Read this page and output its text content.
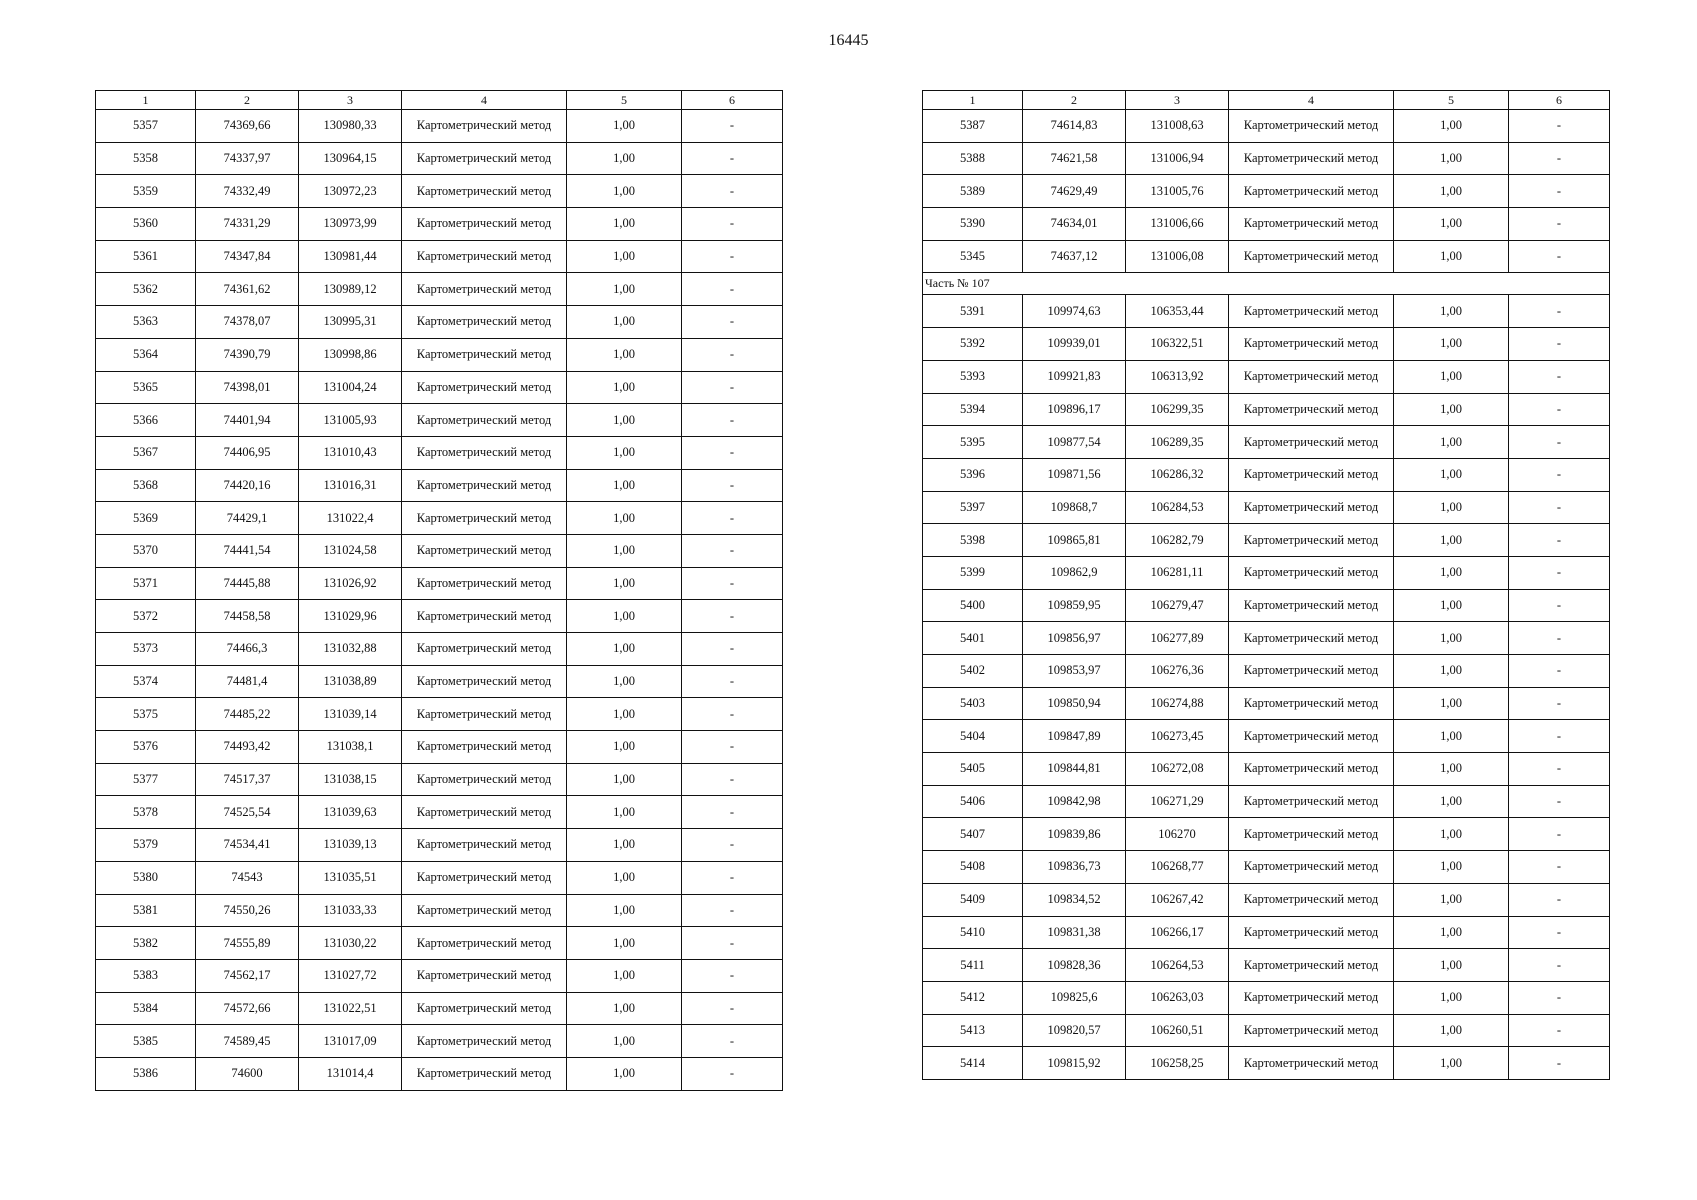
16445
1	2	3	4	5	6
5357	74369,66	130980,33	Картометрический метод	1,00	-
5358	74337,97	130964,15	Картометрический метод	1,00	-
5359	74332,49	130972,23	Картометрический метод	1,00	-
5360	74331,29	130973,99	Картометрический метод	1,00	-
5361	74347,84	130981,44	Картометрический метод	1,00	-
5362	74361,62	130989,12	Картометрический метод	1,00	-
5363	74378,07	130995,31	Картометрический метод	1,00	-
5364	74390,79	130998,86	Картометрический метод	1,00	-
5365	74398,01	131004,24	Картометрический метод	1,00	-
5366	74401,94	131005,93	Картометрический метод	1,00	-
5367	74406,95	131010,43	Картометрический метод	1,00	-
5368	74420,16	131016,31	Картометрический метод	1,00	-
5369	74429,1	131022,4	Картометрический метод	1,00	-
5370	74441,54	131024,58	Картометрический метод	1,00	-
5371	74445,88	131026,92	Картометрический метод	1,00	-
5372	74458,58	131029,96	Картометрический метод	1,00	-
5373	74466,3	131032,88	Картометрический метод	1,00	-
5374	74481,4	131038,89	Картометрический метод	1,00	-
5375	74485,22	131039,14	Картометрический метод	1,00	-
5376	74493,42	131038,1	Картометрический метод	1,00	-
5377	74517,37	131038,15	Картометрический метод	1,00	-
5378	74525,54	131039,63	Картометрический метод	1,00	-
5379	74534,41	131039,13	Картометрический метод	1,00	-
5380	74543	131035,51	Картометрический метод	1,00	-
5381	74550,26	131033,33	Картометрический метод	1,00	-
5382	74555,89	131030,22	Картометрический метод	1,00	-
5383	74562,17	131027,72	Картометрический метод	1,00	-
5384	74572,66	131022,51	Картометрический метод	1,00	-
5385	74589,45	131017,09	Картометрический метод	1,00	-
5386	74600	131014,4	Картометрический метод	1,00	-
1	2	3	4	5	6
5387	74614,83	131008,63	Картометрический метод	1,00	-
5388	74621,58	131006,94	Картометрический метод	1,00	-
5389	74629,49	131005,76	Картометрический метод	1,00	-
5390	74634,01	131006,66	Картометрический метод	1,00	-
5345	74637,12	131006,08	Картометрический метод	1,00	-
Часть № 107					
5391	109974,63	106353,44	Картометрический метод	1,00	-
5392	109939,01	106322,51	Картометрический метод	1,00	-
5393	109921,83	106313,92	Картометрический метод	1,00	-
5394	109896,17	106299,35	Картометрический метод	1,00	-
5395	109877,54	106289,35	Картометрический метод	1,00	-
5396	109871,56	106286,32	Картометрический метод	1,00	-
5397	109868,7	106284,53	Картометрический метод	1,00	-
5398	109865,81	106282,79	Картометрический метод	1,00	-
5399	109862,9	106281,11	Картометрический метод	1,00	-
5400	109859,95	106279,47	Картометрический метод	1,00	-
5401	109856,97	106277,89	Картометрический метод	1,00	-
5402	109853,97	106276,36	Картометрический метод	1,00	-
5403	109850,94	106274,88	Картометрический метод	1,00	-
5404	109847,89	106273,45	Картометрический метод	1,00	-
5405	109844,81	106272,08	Картометрический метод	1,00	-
5406	109842,98	106271,29	Картометрический метод	1,00	-
5407	109839,86	106270	Картометрический метод	1,00	-
5408	109836,73	106268,77	Картометрический метод	1,00	-
5409	109834,52	106267,42	Картометрический метод	1,00	-
5410	109831,38	106266,17	Картометрический метод	1,00	-
5411	109828,36	106264,53	Картометрический метод	1,00	-
5412	109825,6	106263,03	Картометрический метод	1,00	-
5413	109820,57	106260,51	Картометрический метод	1,00	-
5414	109815,92	106258,25	Картометрический метод	1,00	-
